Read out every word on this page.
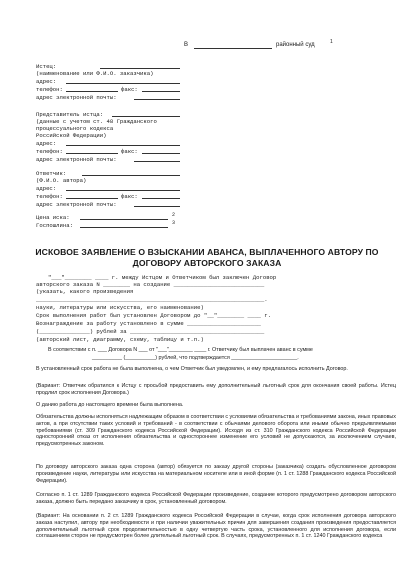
В	районный суд	1
Истец:
(наименование или Ф.И.О. заказчика)
адрес:
телефон:	факс:
адрес электронной почты:
Представитель истца:
(данные с учетом ст. 48 Гражданского
процессуального кодекса
Российской Федерации)
адрес:
телефон:	факс:
адрес электронной почты:
Ответчик:
(Ф.И.О. автора)
адрес:
телефон:	факс:
адрес электронной почты:
Цена иска:	2
Госпошлина:	3
ИСКОВОЕ ЗАЯВЛЕНИЕ О ВЗЫСКАНИИ АВАНСА, ВЫПЛАЧЕННОГО АВТОРУ ПО
ДОГОВОРУ АВТОРСКОГО ЗАКАЗА
"___"________ ____ г. между Истцом и Ответчиком был заключен Договор
авторского заказа N ________ на создание ___________________________
(указать, какого произведения
____________________________________________________________________.
науки, литературы или искусства, его наименование)
Срок выполнения работ был установлен Договором до "__"________ ____ г.
Вознаграждение за работу установлено в сумме ______________________
(_______________) рублей за ________________________________________
(авторский лист, диаграмму, схему, таблицу и т.п.)
В соответствии с п. ___ Договора N ___ от "___"________ ____ г. Ответчику был выплачен аванс в сумме
__________ (__________) рублей, что подтверждается ______________________.
В установленный срок работа не была выполнена, о чем Ответчик был уведомлен, и ему предлагалось исполнить Договор.
(Вариант: Ответчик обратился к Истцу с просьбой предоставить ему дополнительный льготный срок для окончания своей работы. Истец продлил срок исполнения Договора.)
О данию работа до настоящего времени была выполнена.
Обязательства должны исполняться надлежащим образом в соответствии с условиями обязательства и требованиями закона, иных правовых актов, а при отсутствии таких условий и требований - в соответствии с обычаями делового оборота или иными обычно предъявляемыми требованиями (ст. 309 Гражданского кодекса Российской Федерации). Исходя из ст. 310 Гражданского кодекса Российской Федерации односторонний отказ от исполнения обязательства и одностороннее изменение его условий не допускаются, за исключением случаев, предусмотренных законом.
По договору авторского заказа одна сторона (автор) обязуется по заказу другой стороны (заказчика) создать обусловленное договором произведение науки, литературы или искусства на материальном носителе или в иной форме (п. 1 ст. 1288 Гражданского кодекса Российской Федерации).
Согласно п. 1 ст. 1289 Гражданского кодекса Российской Федерации произведение, создание которого предусмотрено договором авторского заказа, должно быть передано заказчику в срок, установленный договором.
(Вариант: На основании п. 2 ст. 1289 Гражданского кодекса Российской Федерации в случае, когда срок исполнения договора авторского заказа наступил, автору при необходимости и при наличии уважительных причин для завершения создания произведения предоставляется дополнительный льготный срок продолжительностью в одну четвертую часть срока, установленного для исполнения договора, если соглашением сторон не предусмотрен более длительный льготный срок. В случаях, предусмотренных п. 1 ст. 1240 Гражданского кодекса
